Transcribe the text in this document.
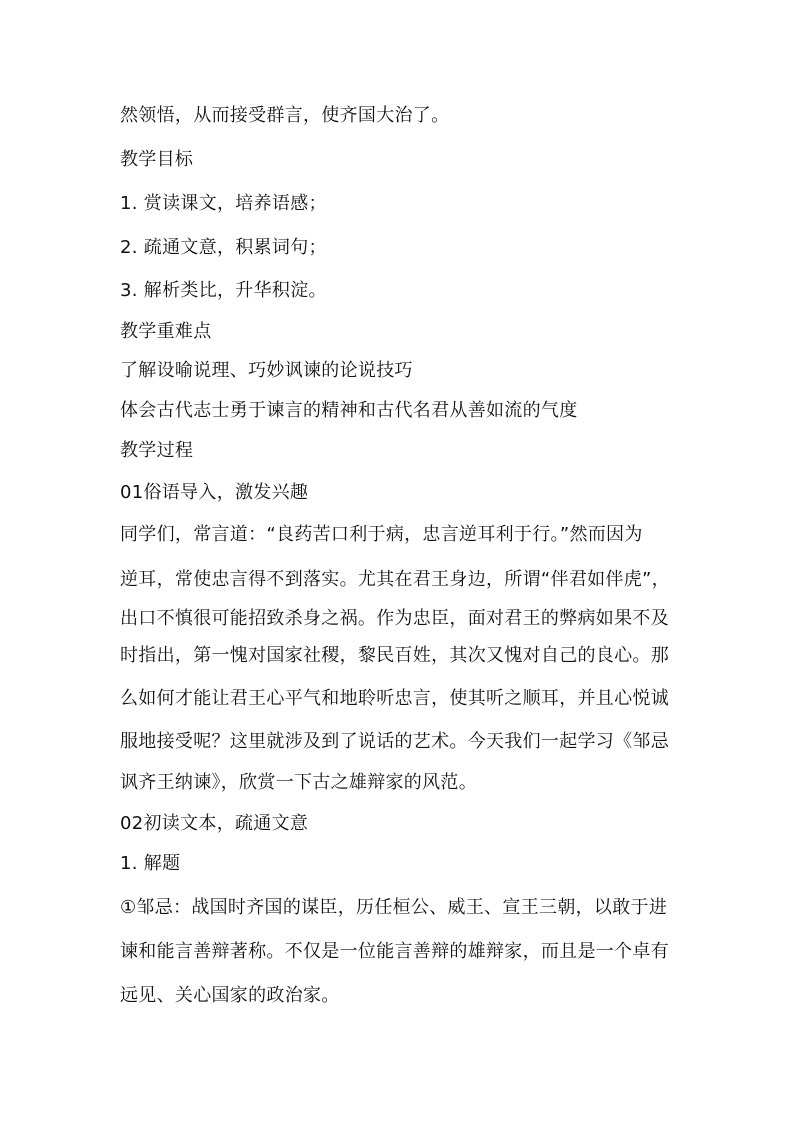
然领悟，从而接受群言，使齐国大治了。
教学目标
1. 赏读课文，培养语感；
2. 疏通文意，积累词句；
3. 解析类比，升华积淀。
教学重难点
了解设喻说理、巧妙讽谏的论说技巧
体会古代志士勇于谏言的精神和古代名君从善如流的气度
教学过程
01俗语导入，激发兴趣
同学们，常言道：“良药苦口利于病，忠言逆耳利于行。”然而因为
逆耳，常使忠言得不到落实。尤其在君王身边，所谓“伴君如伴虎”，
出口不慎很可能招致杀身之祸。作为忠臣，面对君王的弊病如果不及
时指出，第一愧对国家社稷，黎民百姓，其次又愧对自己的良心。那
么如何才能让君王心平气和地聆听忠言，使其听之顺耳，并且心悦诚
服地接受呢？这里就涉及到了说话的艺术。今天我们一起学习《邹忌
讽齐王纳谏》，欣赏一下古之雄辩家的风范。
02初读文本，疏通文意
1. 解题
①邹忌：战国时齐国的谋臣，历任桓公、威王、宣王三朝，以敢于进
谏和能言善辩著称。不仅是一位能言善辩的雄辩家，而且是一个卓有
远见、关心国家的政治家。
